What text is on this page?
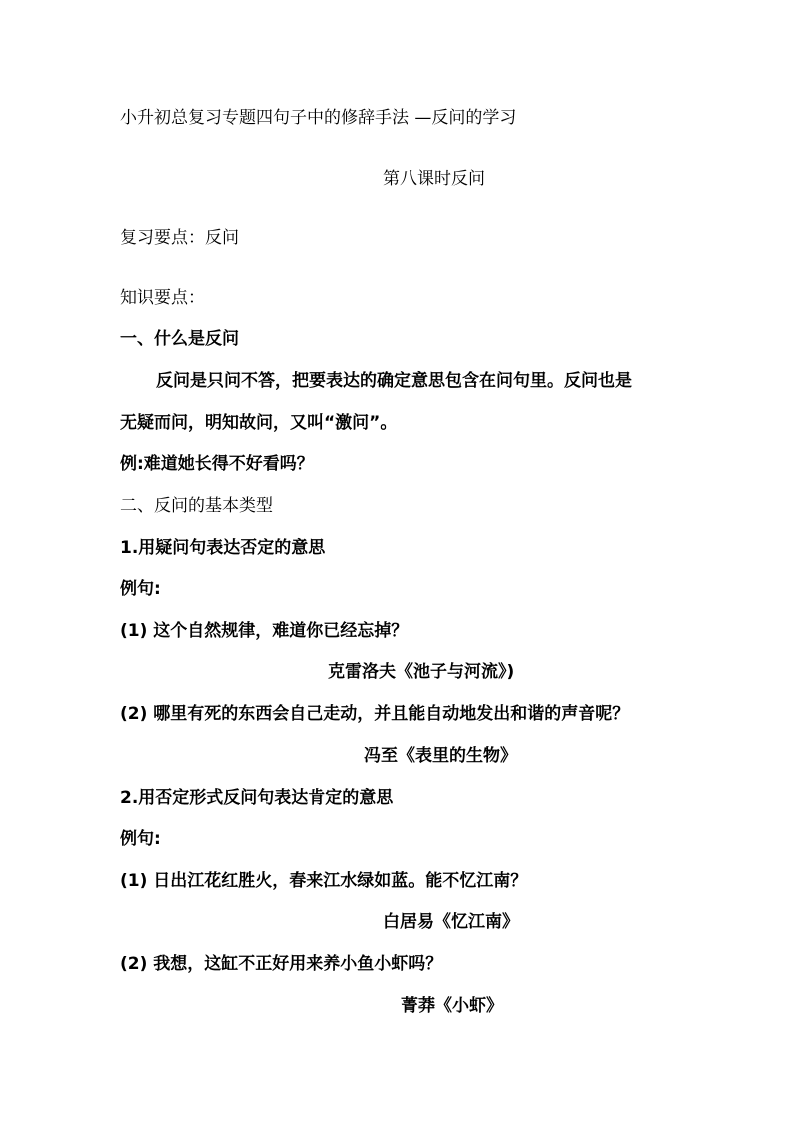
小升初总复习专题四句子中的修辞手法 —反问的学习
第八课时反问
复习要点：反问
知识要点：
一、什么是反问
反问是只问不答，把要表达的确定意思包含在问句里。反问也是
无疑而问，明知故问，又叫“激问”。
例:难道她长得不好看吗？
二、反问的基本类型
1.用疑问句表达否定的意思
例句:
(1) 这个自然规律，难道你已经忘掉？
克雷洛夫《池子与河流》)
(2) 哪里有死的东西会自己走动，并且能自动地发出和谐的声音呢？
冯至《表里的生物》
2.用否定形式反问句表达肯定的意思
例句:
(1) 日出江花红胜火，春来江水绿如蓝。能不忆江南？
白居易《忆江南》
(2) 我想，这缸不正好用来养小鱼小虾吗？
菁莽《小虾》
